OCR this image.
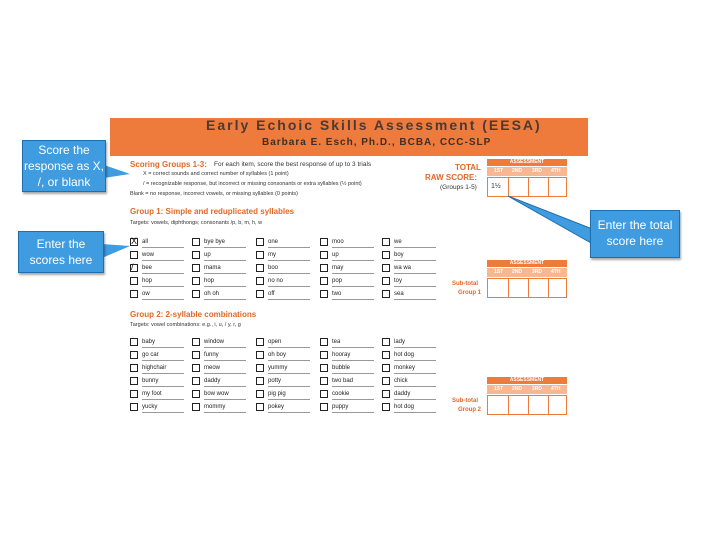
Early Echoic Skills Assessment (EESA)
Barbara E. Esch, Ph.D., BCBA, CCC-SLP
Scoring Groups 1-3: For each item, score the best response of up to 3 trials
X = correct sounds and correct number of syllables (1 point)
/ = recognizable response, but incorrect or missing consonants or extra syllables (½ point)
Blank = no response, incorrect vowels, or missing syllables (0 points)
TOTAL
RAW SCORE:
(Groups 1-5)
ASSESSMENT
1ST 2ND 3RD 4TH
1½
Group 1: Simple and reduplicated syllables
Targets: vowels, diphthongs; consonants /p, b, m, h, w
X all	bye bye	one	moo	we
wow	up	my	up	boy
/ bee	mama	boo	may	wa wa
hop	hop	no no	pop	toy
ow	oh oh	off	two	sea
ASSESSMENT
1ST 2ND 3RD 4TH
Sub-total
Group 1
Group 2: 2-syllable combinations
Targets: vowel combinations: e.g., i, u, / y, r, g
baby	window	open	tea	lady
go car	funny	oh boy	hooray	hot dog
highchair	meow	yummy	bubble	monkey
bunny	daddy	potty	two bad	chick
my foot	bow wow	pig pig	cookie	daddy
yucky	mommy	pokey	puppy	hot dog
ASSESSMENT
1ST 2ND 3RD 4TH
Sub-total
Group 2
Score the response as X, /, or blank
Enter the scores here
Enter the total score here
